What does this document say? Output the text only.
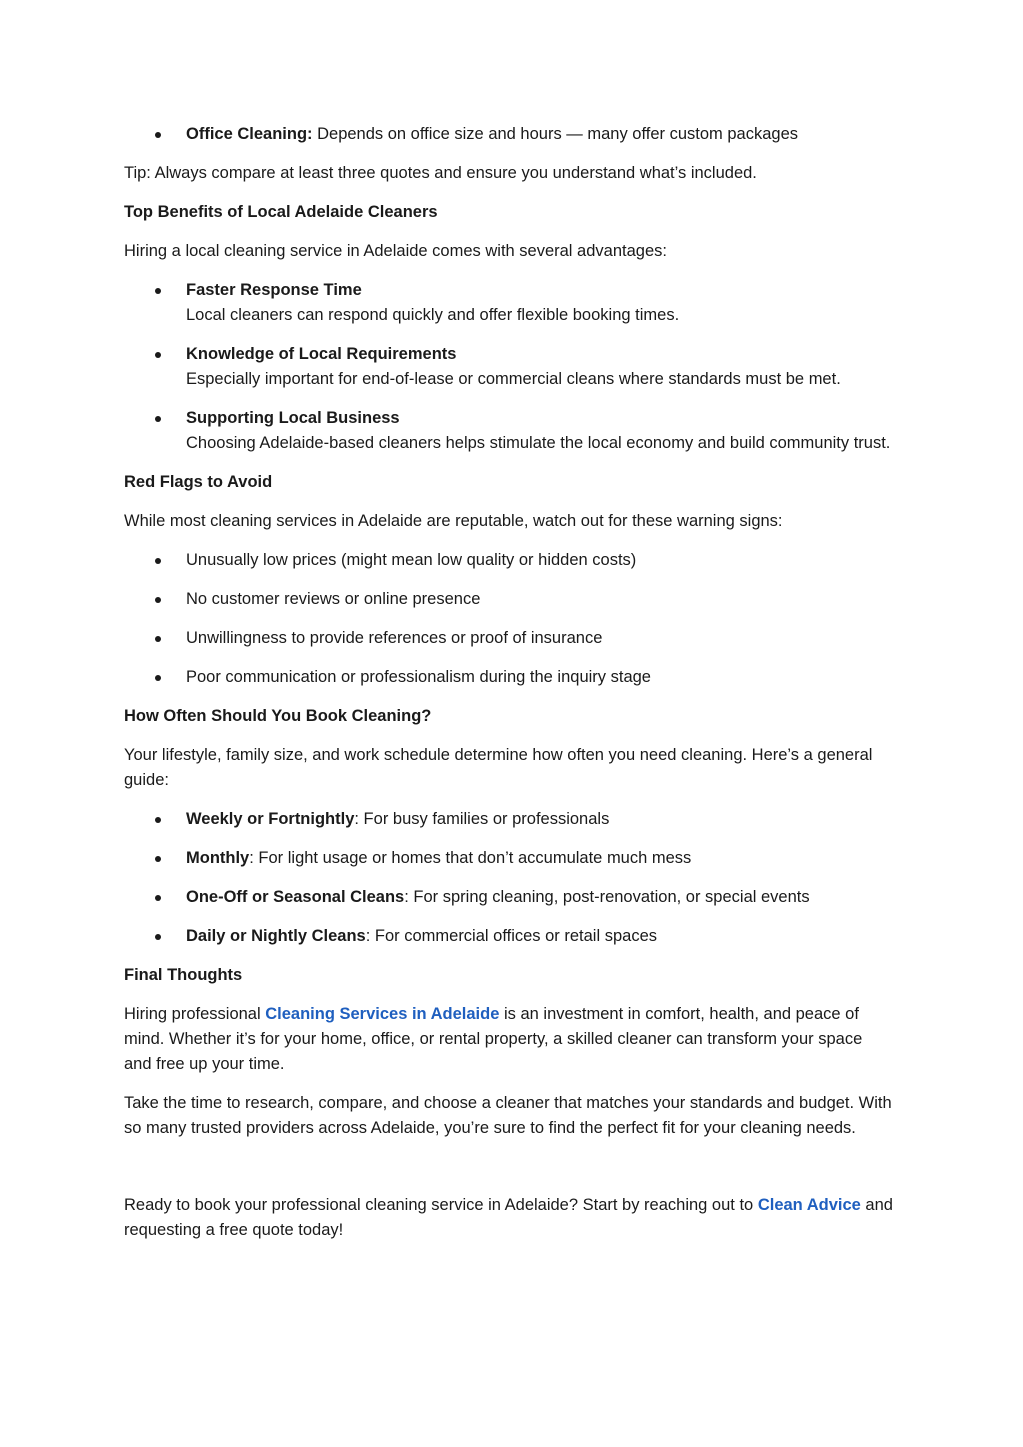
Office Cleaning: Depends on office size and hours — many offer custom packages

Tip: Always compare at least three quotes and ensure you understand what’s included.

Top Benefits of Local Adelaide Cleaners

Hiring a local cleaning service in Adelaide comes with several advantages:

Faster Response Time
Local cleaners can respond quickly and offer flexible booking times.
Knowledge of Local Requirements
Especially important for end-of-lease or commercial cleans where standards must be met.
Supporting Local Business
Choosing Adelaide-based cleaners helps stimulate the local economy and build community trust.

Red Flags to Avoid

While most cleaning services in Adelaide are reputable, watch out for these warning signs:

Unusually low prices (might mean low quality or hidden costs)
No customer reviews or online presence
Unwillingness to provide references or proof of insurance
Poor communication or professionalism during the inquiry stage

How Often Should You Book Cleaning?

Your lifestyle, family size, and work schedule determine how often you need cleaning. Here’s a general guide:

Weekly or Fortnightly: For busy families or professionals
Monthly: For light usage or homes that don’t accumulate much mess
One-Off or Seasonal Cleans: For spring cleaning, post-renovation, or special events
Daily or Nightly Cleans: For commercial offices or retail spaces

Final Thoughts

Hiring professional Cleaning Services in Adelaide is an investment in comfort, health, and peace of mind. Whether it’s for your home, office, or rental property, a skilled cleaner can transform your space and free up your time.

Take the time to research, compare, and choose a cleaner that matches your standards and budget. With so many trusted providers across Adelaide, you’re sure to find the perfect fit for your cleaning needs.

Ready to book your professional cleaning service in Adelaide? Start by reaching out to Clean Advice and requesting a free quote today!
